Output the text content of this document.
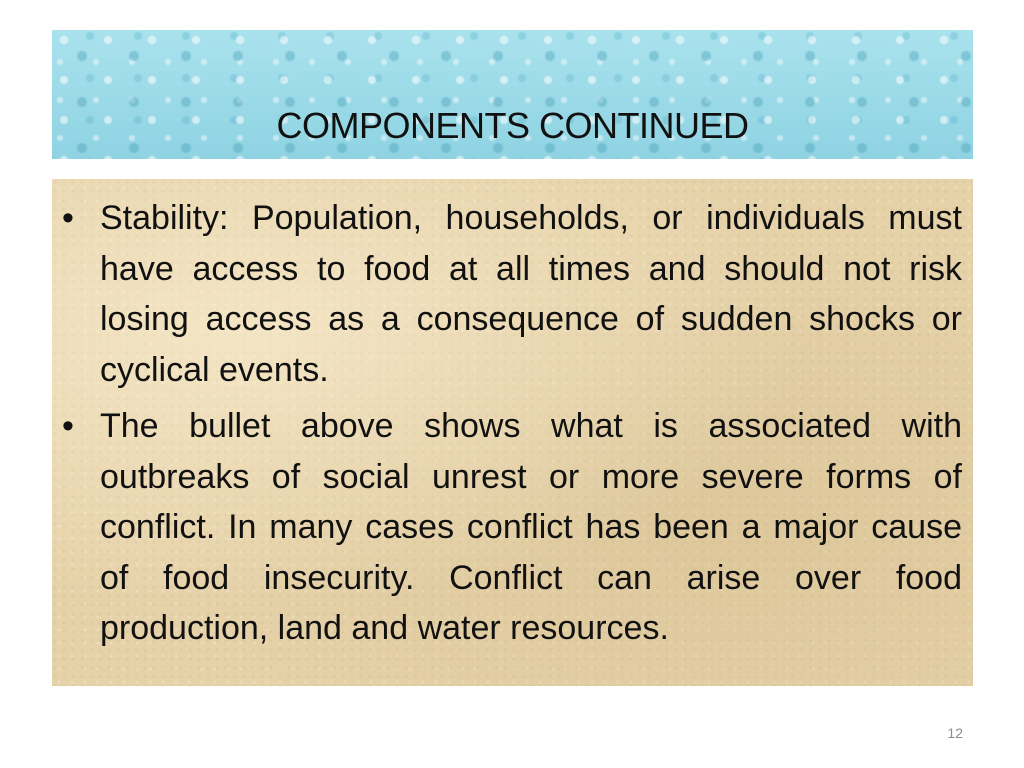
COMPONENTS CONTINUED
• Stability: Population, households, or individuals must have access to food at all times and should not risk losing access as a consequence of sudden shocks or cyclical events.
• The bullet above shows what is associated with outbreaks of social unrest or more severe forms of conflict. In many cases conflict has been a major cause of food insecurity. Conflict can arise over food production, land and water resources.
12
